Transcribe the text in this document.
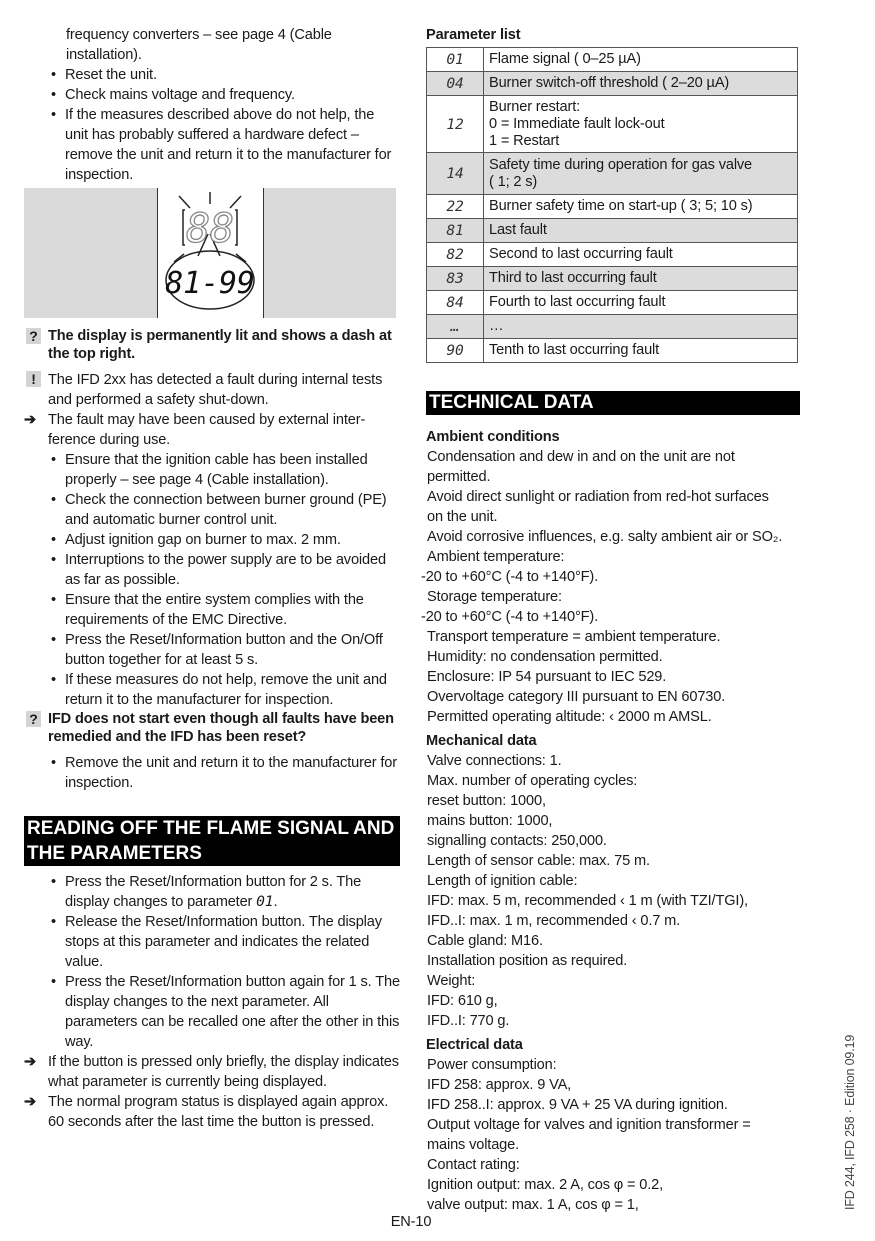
frequency converters – see page 4 (Cable installation).
• Reset the unit.
• Check mains voltage and frequency.
• If the measures described above do not help, the unit has probably suffered a hardware defect – remove the unit and return it to the manufacturer for inspection.
88
81-99
? The display is permanently lit and shows a dash at the top right.
! The IFD 2xx has detected a fault during internal tests and performed a safety shut-down.
➔ The fault may have been caused by external interference during use.
• Ensure that the ignition cable has been installed properly – see page 4 (Cable installation).
• Check the connection between burner ground (PE) and automatic burner control unit.
• Adjust ignition gap on burner to max. 2 mm.
• Interruptions to the power supply are to be avoided as far as possible.
• Ensure that the entire system complies with the requirements of the EMC Directive.
• Press the Reset/Information button and the On/Off button together for at least 5 s.
• If these measures do not help, remove the unit and return it to the manufacturer for inspection.
? IFD does not start even though all faults have been remedied and the IFD has been reset?
• Remove the unit and return it to the manufacturer for inspection.
READING OFF THE FLAME SIGNAL AND THE PARAMETERS
• Press the Reset/Information button for 2 s. The display changes to parameter 01.
• Release the Reset/Information button. The display stops at this parameter and indicates the related value.
• Press the Reset/Information button again for 1 s. The display changes to the next parameter. All parameters can be recalled one after the other in this way.
➔ If the button is pressed only briefly, the display indicates what parameter is currently being displayed.
➔ The normal program status is displayed again approx. 60 seconds after the last time the button is pressed.
Parameter list
01	Flame signal ( 0–25 µA)

04	Burner switch-off threshold ( 2–20 µA)

12	Burner restart:
0 = Immediate fault lock-out
1 = Restart

14	Safety time during operation for gas valve
( 1; 2 s)

22	Burner safety time on start-up ( 3; 5; 10 s)

81	Last fault

82	Second to last occurring fault

83	Third to last occurring fault

84	Fourth to last occurring fault

…	…

90	Tenth to last occurring fault
TECHNICAL DATA
Ambient conditions
Condensation and dew in and on the unit are not
permitted.
Avoid direct sunlight or radiation from red-hot surfaces
on the unit.
Avoid corrosive influences, e.g. salty ambient air or SO₂.
Ambient temperature:
-20 to +60°C (-4 to +140°F).
Storage temperature:
-20 to +60°C (-4 to +140°F).
Transport temperature = ambient temperature.
Humidity: no condensation permitted.
Enclosure: IP 54 pursuant to IEC 529.
Overvoltage category III pursuant to EN 60730.
Permitted operating altitude: ‹ 2000 m AMSL.
Mechanical data
Valve connections: 1.
Max. number of operating cycles:
reset button: 1000,
mains button: 1000,
signalling contacts: 250,000.
Length of sensor cable: max. 75 m.
Length of ignition cable:
IFD: max. 5 m, recommended ‹ 1 m (with TZI/TGI),
IFD..I: max. 1 m, recommended ‹ 0.7 m.
Cable gland: M16.
Installation position as required.
Weight:
IFD: 610 g,
IFD..I: 770 g.
Electrical data
Power consumption:
IFD 258: approx. 9 VA,
IFD 258..I: approx. 9 VA + 25 VA during ignition.
Output voltage for valves and ignition transformer =
mains voltage.
Contact rating:
Ignition output: max. 2 A, cos φ = 0.2,
valve output: max. 1 A, cos φ = 1,
EN-10
IFD 244, IFD 258 · Edition 09.19
